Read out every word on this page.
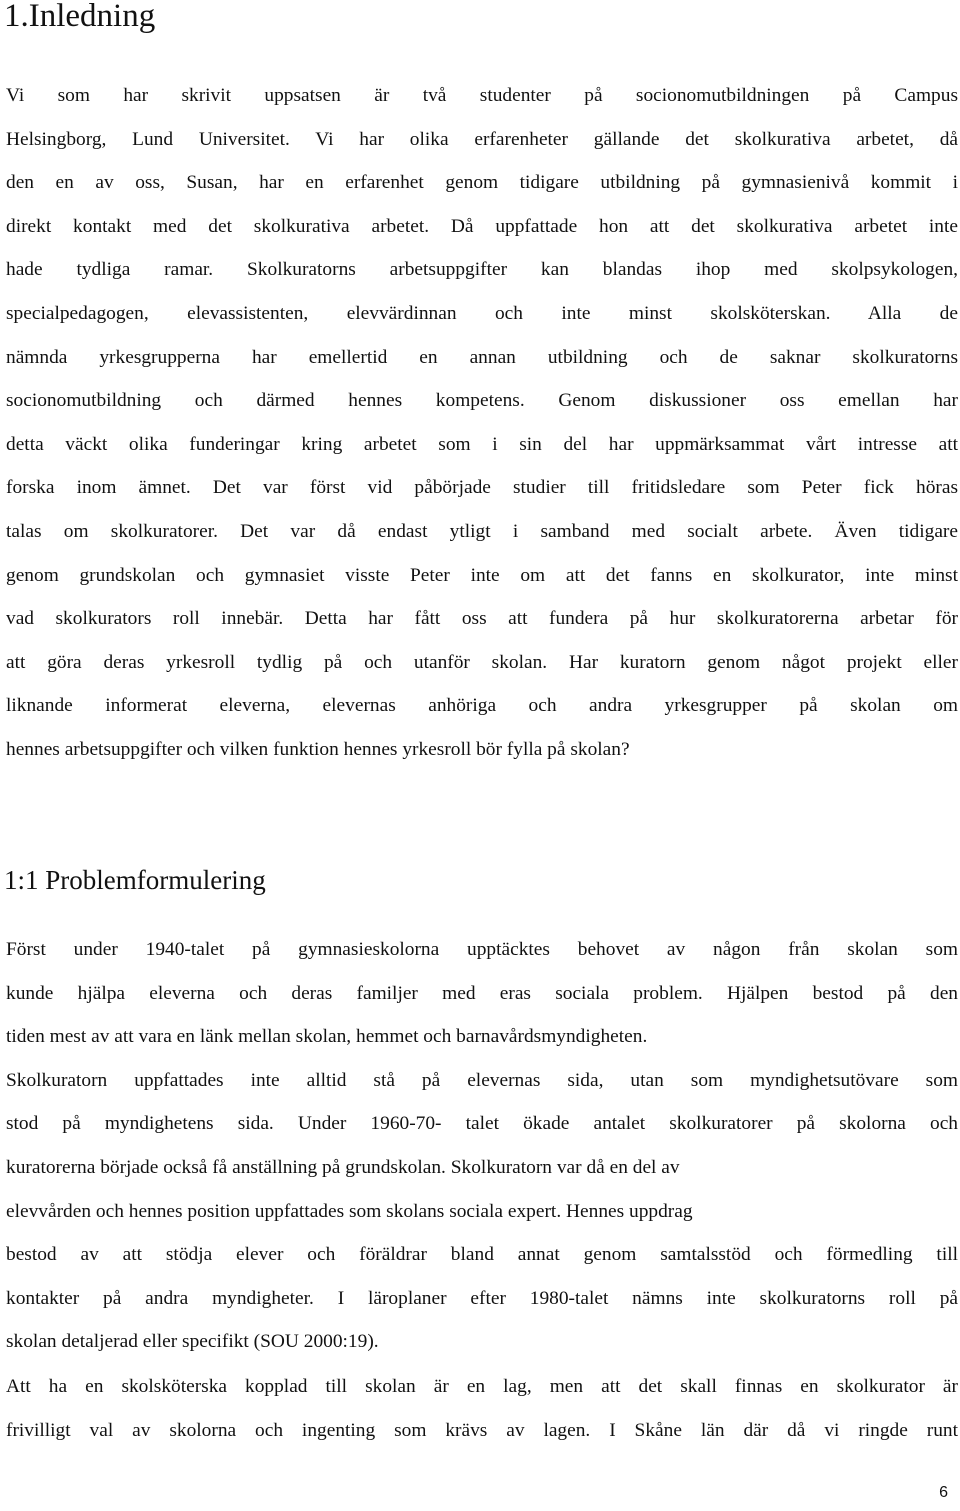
1.Inledning
Vi som har skrivit uppsatsen är två studenter på socionomutbildningen på Campus
Helsingborg, Lund Universitet. Vi har olika erfarenheter gällande det skolkurativa arbetet, då
den en av oss, Susan, har en erfarenhet genom tidigare utbildning på gymnasienivå kommit i
direkt kontakt med det skolkurativa arbetet. Då uppfattade hon att det skolkurativa arbetet inte
hade tydliga ramar. Skolkuratorns arbetsuppgifter kan blandas ihop med skolpsykologen,
specialpedagogen, elevassistenten, elevvärdinnan och inte minst skolsköterskan. Alla de
nämnda yrkesgrupperna har emellertid en annan utbildning och de saknar skolkuratorns
socionomutbildning och därmed hennes kompetens. Genom diskussioner oss emellan har
detta väckt olika funderingar kring arbetet som i sin del har uppmärksammat vårt intresse att
forska inom ämnet. Det var först vid påbörjade studier till fritidsledare som Peter fick höras
talas om skolkuratorer. Det var då endast ytligt i samband med socialt arbete. Även tidigare
genom grundskolan och gymnasiet visste Peter inte om att det fanns en skolkurator, inte minst
vad skolkurators roll innebär. Detta har fått oss att fundera på hur skolkuratorerna arbetar för
att göra deras yrkesroll tydlig på och utanför skolan. Har kuratorn genom något projekt eller
liknande informerat eleverna, elevernas anhöriga och andra yrkesgrupper på skolan om
hennes arbetsuppgifter och vilken funktion hennes yrkesroll bör fylla på skolan?
1:1 Problemformulering
Först under 1940-talet på gymnasieskolorna upptäcktes behovet av någon från skolan som
kunde hjälpa eleverna och deras familjer med eras sociala problem. Hjälpen bestod på den
tiden mest av att vara en länk mellan skolan, hemmet och barnavårdsmyndigheten.
Skolkuratorn uppfattades inte alltid stå på elevernas sida, utan som myndighetsutövare som
stod på myndighetens sida. Under 1960-70- talet ökade antalet skolkuratorer på skolorna och
kuratorerna började också få anställning på grundskolan. Skolkuratorn var då en del av
elevvården och hennes position uppfattades som skolans sociala expert. Hennes uppdrag
bestod av att stödja elever och föräldrar bland annat genom samtalsstöd och förmedling till
kontakter på andra myndigheter. I läroplaner efter 1980-talet nämns inte skolkuratorns roll på
skolan detaljerad eller specifikt (SOU 2000:19).
Att ha en skolsköterska kopplad till skolan är en lag, men att det skall finnas en skolkurator är
frivilligt val av skolorna och ingenting som krävs av lagen. I Skåne län där då vi ringde runt
6
